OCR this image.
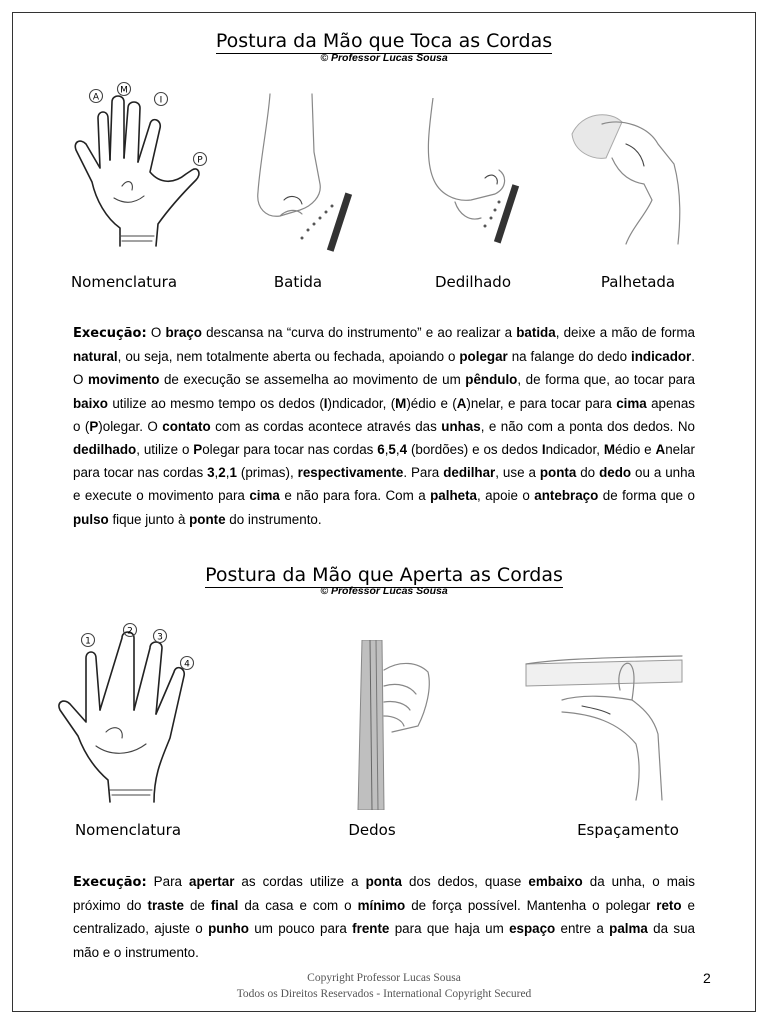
Postura da Mão que Toca as Cordas
© Professor Lucas Sousa
A
M
I
P
Nomenclatura	Batida	Dedilhado	Palhetada
Execução: O braço descansa na “curva do instrumento” e ao realizar a batida, deixe a mão de forma natural, ou seja, nem totalmente aberta ou fechada, apoiando o polegar na falange do dedo indicador. O movimento de execução se assemelha ao movimento de um pêndulo, de forma que, ao tocar para baixo utilize ao mesmo tempo os dedos (I)ndicador, (M)édio e (A)nelar, e para tocar para cima apenas o (P)olegar. O contato com as cordas acontece através das unhas, e não com a ponta dos dedos. No dedilhado, utilize o Polegar para tocar nas cordas 6,5,4 (bordões) e os dedos Indicador, Médio e Anelar para tocar nas cordas 3,2,1 (primas), respectivamente. Para dedilhar, use a ponta do dedo ou a unha e execute o movimento para cima e não para fora. Com a palheta, apoie o antebraço de forma que o pulso fique junto à ponte do instrumento.
Postura da Mão que Aperta as Cordas
© Professor Lucas Sousa
1
2
3
4
Nomenclatura	Dedos	Espaçamento
Execução: Para apertar as cordas utilize a ponta dos dedos, quase embaixo da unha, o mais próximo do traste de final da casa e com o mínimo de força possível. Mantenha o polegar reto e centralizado, ajuste o punho um pouco para frente para que haja um espaço entre a palma da sua mão e o instrumento.
Copyright Professor Lucas Sousa
Todos os Direitos Reservados - International Copyright Secured
2
